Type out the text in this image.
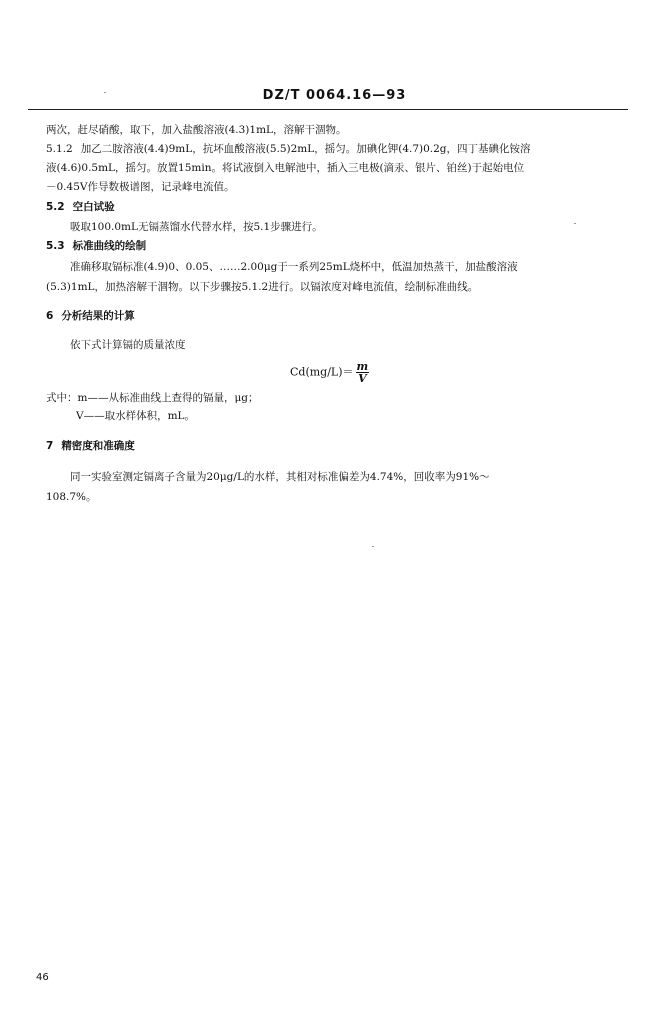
DZ/T 0064.16—93
两次，赶尽硝酸，取下，加入盐酸溶液(4.3)1mL，溶解干涸物。
5.1.2 加乙二胺溶液(4.4)9mL，抗坏血酸溶液(5.5)2mL，摇匀。加碘化钾(4.7)0.2g，四丁基碘化铵溶
液(4.6)0.5mL，摇匀。放置15min。将试液倒入电解池中，插入三电极(滴汞、银片、铂丝)于起始电位
－0.45V作导数极谱图，记录峰电流值。
5.2 空白试验
吸取100.0mL无镉蒸馏水代替水样，按5.1步骤进行。
5.3 标准曲线的绘制
准确移取镉标准(4.9)0、0.05、……2.00μg于一系列25mL烧杯中，低温加热蒸干，加盐酸溶液
(5.3)1mL，加热溶解干涸物。以下步骤按5.1.2进行。以镉浓度对峰电流值，绘制标准曲线。
6 分析结果的计算
依下式计算镉的质量浓度
$Cd(mg/L)= \frac{m}{V}$
式中：m——从标准曲线上查得的镉量，μg；
V——取水样体积，mL。
7 精密度和准确度
同一实验室测定镉离子含量为20μg/L的水样，其相对标准偏差为4.74%，回收率为91%～
108.7%。
46
